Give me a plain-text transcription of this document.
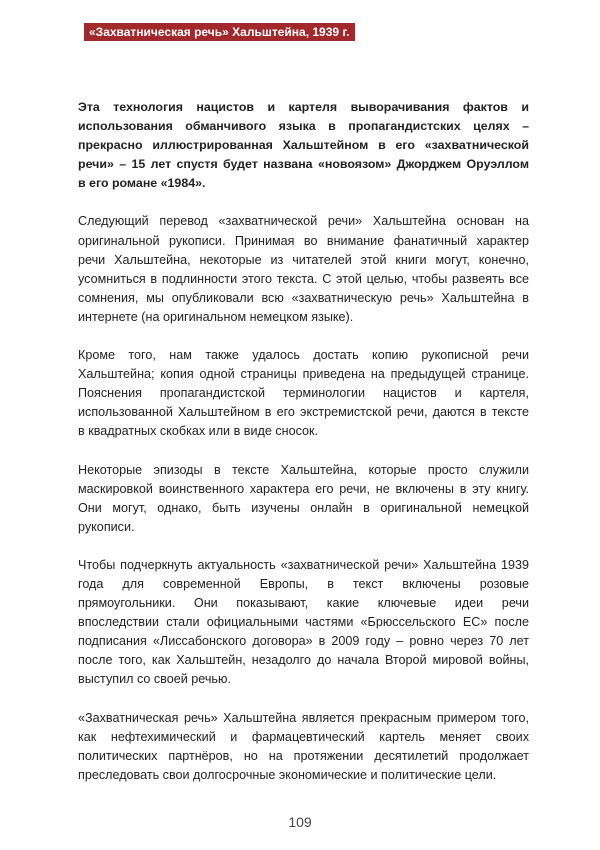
«Захватническая речь» Хальштейна, 1939 г.
Эта технология нацистов и картеля выворачивания фактов и
использования обманчивого языка в пропагандистских целях –
прекрасно иллюстрированная Хальштейном в его «захватнической
речи» – 15 лет спустя будет названа «новоязом» Джорджем Оруэллом
в его романе «1984».
Следующий перевод «захватнической речи» Хальштейна основан на
оригинальной рукописи. Принимая во внимание фанатичный характер
речи Хальштейна, некоторые из читателей этой книги могут, конечно,
усомниться в подлинности этого текста. С этой целью, чтобы развеять все
сомнения, мы опубликовали всю «захватническую речь» Хальштейна в
интернете (на оригинальном немецком языке).
Кроме того, нам также удалось достать копию рукописной речи
Хальштейна; копия одной страницы приведена на предыдущей странице.
Пояснения пропагандистской терминологии нацистов и картеля,
использованной Хальштейном в его экстремистской речи, даются в тексте
в квадратных скобках или в виде сносок.
Некоторые эпизоды в тексте Хальштейна, которые просто служили
маскировкой воинственного характера его речи, не включены в эту книгу.
Они могут, однако, быть изучены онлайн в оригинальной немецкой
рукописи.
Чтобы подчеркнуть актуальность «захватнической речи» Хальштейна 1939
года для современной Европы, в текст включены розовые
прямоугольники. Они показывают, какие ключевые идеи речи
впоследствии стали официальными частями «Брюссельского ЕС» после
подписания «Лиссабонского договора» в 2009 году – ровно через 70 лет
после того, как Хальштейн, незадолго до начала Второй мировой войны,
выступил со своей речью.
«Захватническая речь» Хальштейна является прекрасным примером того,
как нефтехимический и фармацевтический картель меняет своих
политических партнёров, но на протяжении десятилетий продолжает
преследовать свои долгосрочные экономические и политические цели.
109
